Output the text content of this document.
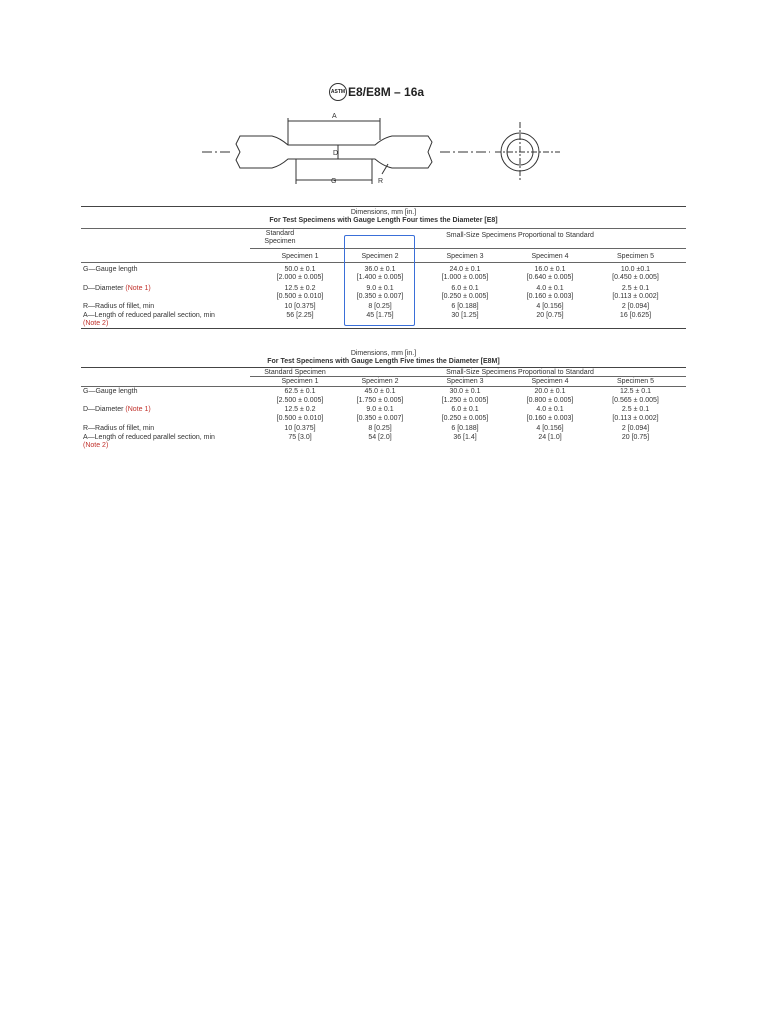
ASTM E8/E8M – 16a
A
G
D
R
Dimensions, mm [in.]
For Test Specimens with Gauge Length Four times the Diameter [E8]
Standard Specimen
Small-Size Specimens Proportional to Standard
Specimen 1	Specimen 2	Specimen 3	Specimen 4	Specimen 5
G—Gauge length	50.0 ± 0.1	36.0 ± 0.1	24.0 ± 0.1	16.0 ± 0.1	10.0 ±0.1
[2.000 ± 0.005]	[1.400 ± 0.005]	[1.000 ± 0.005]	[0.640 ± 0.005]	[0.450 ± 0.005]
D—Diameter (Note 1)	12.5 ± 0.2	9.0 ± 0.1	6.0 ± 0.1	4.0 ± 0.1	2.5 ± 0.1
[0.500 ± 0.010]	[0.350 ± 0.007]	[0.250 ± 0.005]	[0.160 ± 0.003]	[0.113 ± 0.002]
R—Radius of fillet, min	10 [0.375]	8 [0.25]	6 [0.188]	4 [0.156]	2 [0.094]
A—Length of reduced parallel section, min
(Note 2)
56 [2.25]	45 [1.75]	30 [1.25]	20 [0.75]	16 [0.625]
Dimensions, mm [in.]
For Test Specimens with Gauge Length Five times the Diameter [E8M]
Standard Specimen	Small-Size Specimens Proportional to Standard
Specimen 1	Specimen 2	Specimen 3	Specimen 4	Specimen 5
G—Gauge length	62.5 ± 0.1	45.0 ± 0.1	30.0 ± 0.1	20.0 ± 0.1	12.5 ± 0.1
[2.500 ± 0.005]	[1.750 ± 0.005]	[1.250 ± 0.005]	[0.800 ± 0.005]	[0.565 ± 0.005]
D—Diameter (Note 1)	12.5 ± 0.2	9.0 ± 0.1	6.0 ± 0.1	4.0 ± 0.1	2.5 ± 0.1
[0.500 ± 0.010]	[0.350 ± 0.007]	[0.250 ± 0.005]	[0.160 ± 0.003]	[0.113 ± 0.002]
R—Radius of fillet, min	10 [0.375]	8 [0.25]	6 [0.188]	4 [0.156]	2 [0.094]
A—Length of reduced parallel section, min
(Note 2)
75 [3.0]	54 [2.0]	36 [1.4]	24 [1.0]	20 [0.75]
